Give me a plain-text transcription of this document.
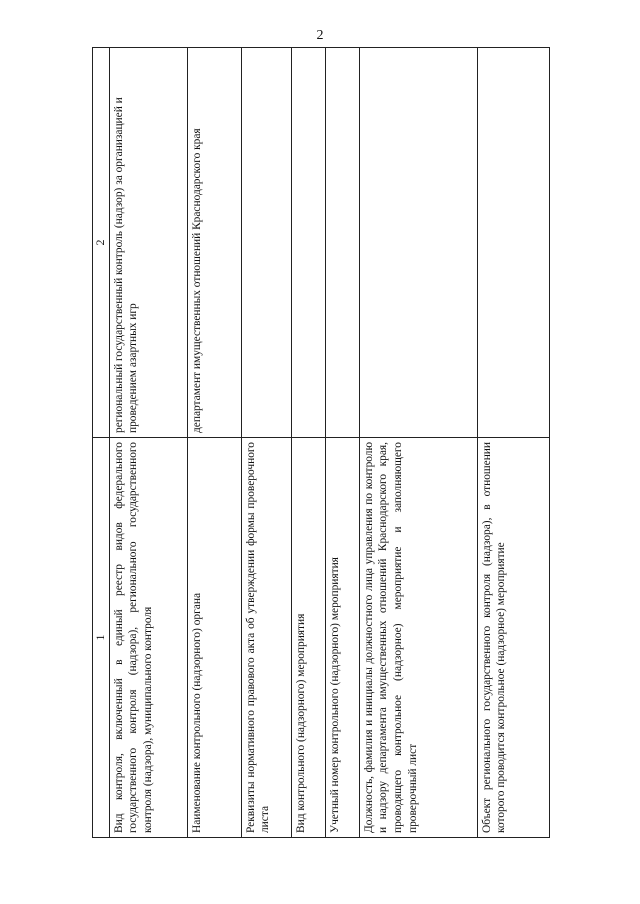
2
1	2
Вид контроля, включенный в единый реестр видов федерального государственного контроля (надзора), регионального государственного контроля (надзора), муниципального контроля	региональный государственный контроль (надзор) за организацией и проведением азартных игр
Наименование контрольного (надзорного) органа	департамент имущественных отношений Краснодарского края
Реквизиты нормативного правового акта об утверждении формы проверочного листа	
Вид контрольного (надзорного) мероприятия	
Учетный номер контрольного (надзорного) мероприятия	
Должность, фамилия и инициалы должностного лица управления по контролю и надзору департамента имущественных отношений Краснодарского края, проводящего контрольное (надзорное) мероприятие и заполняющего проверочный лист	
Объект регионального государственного контроля (надзора), в отношении которого проводится контрольное (надзорное) мероприятие	
